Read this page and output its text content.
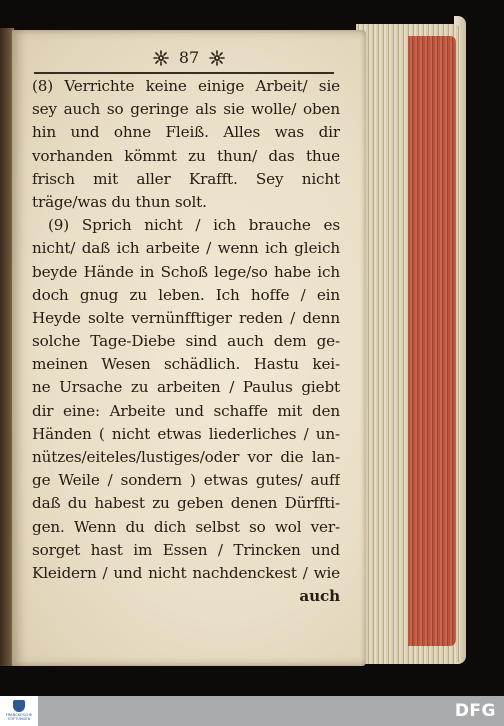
87
(8) Verrichte keine einige Arbeit/ sie
sey auch so geringe als sie wolle/ oben
hin und ohne Fleiß. Alles was dir
vorhanden kömmt zu thun/ das thue
frisch mit aller Krafft. Sey nicht
träge/was du thun solt.
(9) Sprich nicht / ich brauche es
nicht/ daß ich arbeite / wenn ich gleich
beyde Hände in Schoß lege/so habe ich
doch gnug zu leben. Ich hoffe / ein
Heyde solte vernünfftiger reden / denn
solche Tage-Diebe sind auch dem ge-
meinen Wesen schädlich. Hastu kei-
ne Ursache zu arbeiten / Paulus giebt
dir eine: Arbeite und schaffe mit den
Händen ( nicht etwas liederliches / un-
nützes/eiteles/lustiges/oder vor die lan-
ge Weile / sondern ) etwas gutes/ auff
daß du habest zu geben denen Dürffti-
gen. Wenn du dich selbst so wol ver-
sorget hast im Essen / Trincken und
Kleidern / und nicht nachdenckest / wie
auch
FRANCKESCHE STIFTUNGEN	DFG
